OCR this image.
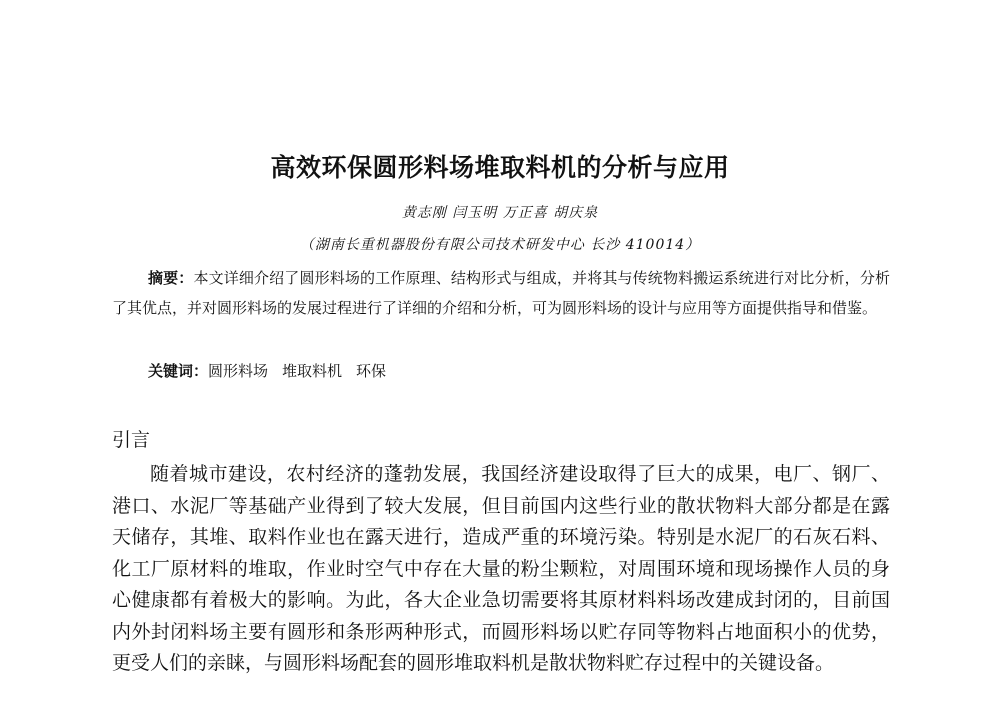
高效环保圆形料场堆取料机的分析与应用
黄志刚 闫玉明 万正喜 胡庆泉
（湖南长重机器股份有限公司技术研发中心 长沙 410014）

摘要：本文详细介绍了圆形料场的工作原理、结构形式与组成，并将其与传统物料搬运系统进行对比分析，分析了其优点，并对圆形料场的发展过程进行了详细的介绍和分析，可为圆形料场的设计与应用等方面提供指导和借鉴。

关键词：圆形料场 堆取料机 环保

引言

随着城市建设，农村经济的蓬勃发展，我国经济建设取得了巨大的成果，电厂、钢厂、港口、水泥厂等基础产业得到了较大发展，但目前国内这些行业的散状物料大部分都是在露天储存，其堆、取料作业也在露天进行，造成严重的环境污染。特别是水泥厂的石灰石料、化工厂原材料的堆取，作业时空气中存在大量的粉尘颗粒，对周围环境和现场操作人员的身心健康都有着极大的影响。为此，各大企业急切需要将其原材料料场改建成封闭的，目前国内外封闭料场主要有圆形和条形两种形式，而圆形料场以贮存同等物料占地面积小的优势，更受人们的亲睐，与圆形料场配套的圆形堆取料机是散状物料贮存过程中的关键设备。
